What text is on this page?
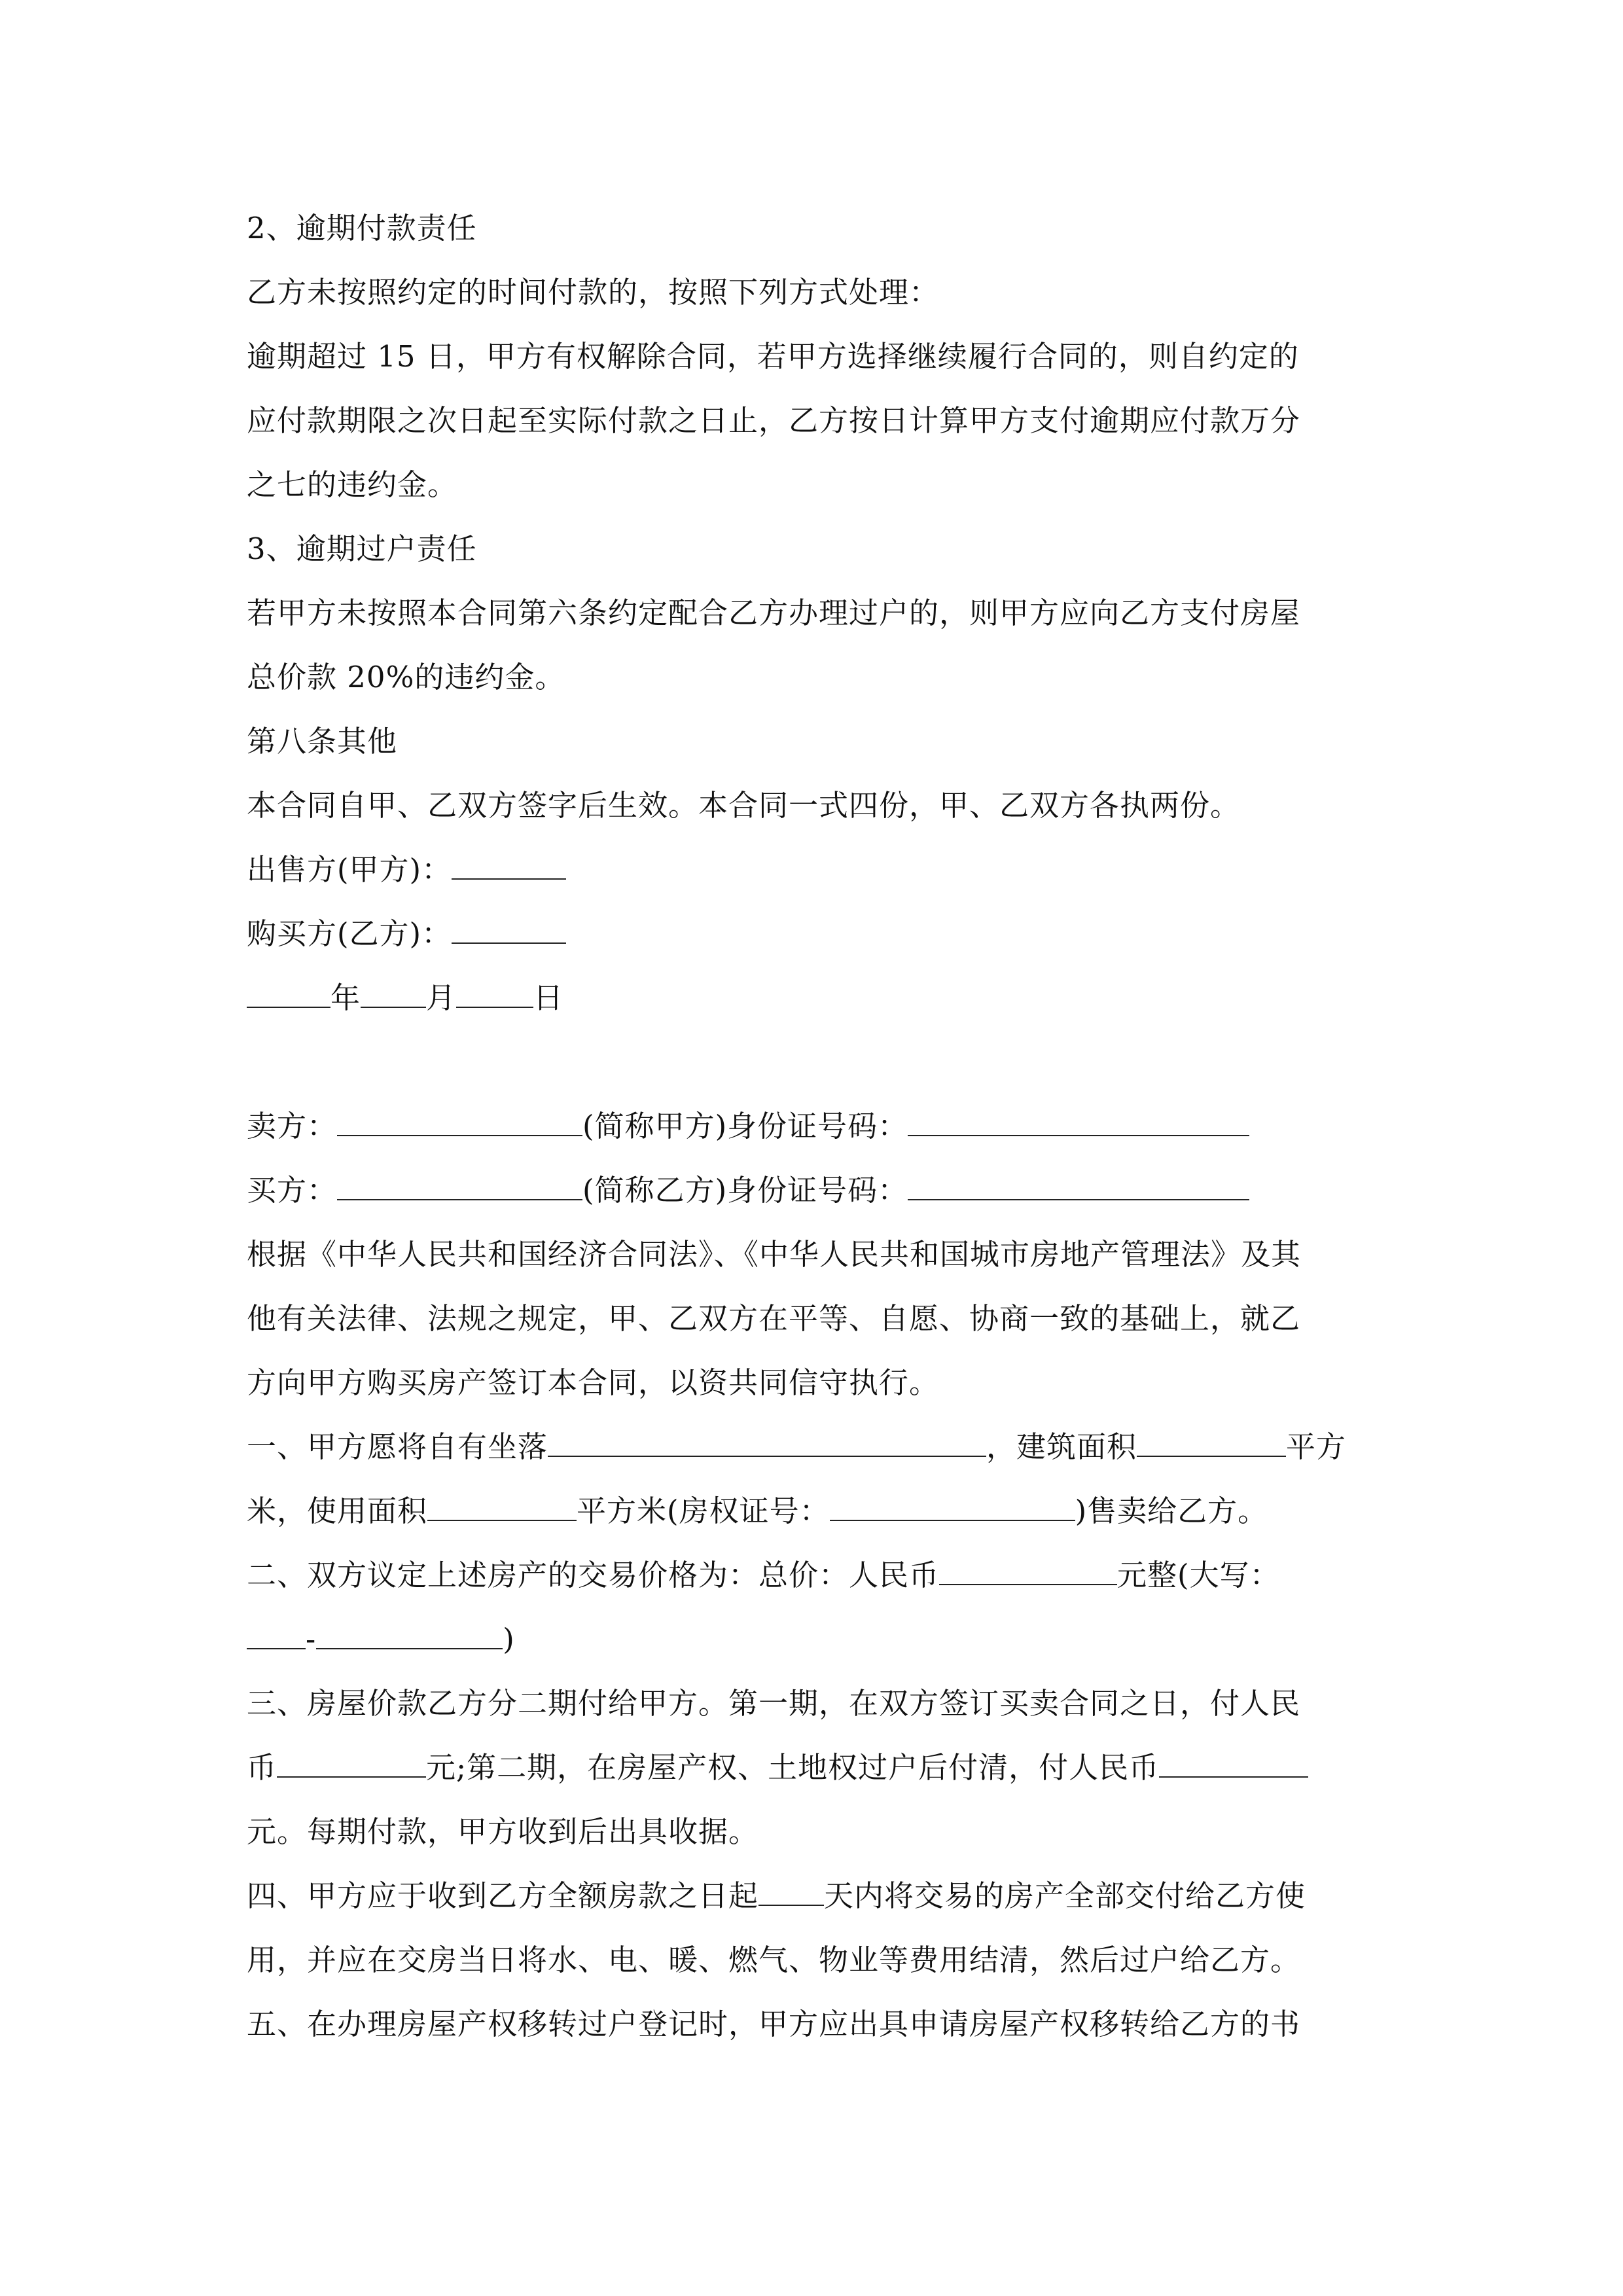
2、逾期付款责任
乙方未按照约定的时间付款的，按照下列方式处理：
逾期超过 15 日，甲方有权解除合同，若甲方选择继续履行合同的，则自约定的
应付款期限之次日起至实际付款之日止，乙方按日计算甲方支付逾期应付款万分
之七的违约金。
3、逾期过户责任
若甲方未按照本合同第六条约定配合乙方办理过户的，则甲方应向乙方支付房屋
总价款 20%的违约金。
第八条其他
本合同自甲、乙双方签字后生效。本合同一式四份，甲、乙双方各执两份。
出售方(甲方)：
购买方(乙方)：
年 月	日
卖方：	(简称甲方)身份证号码：
买方：	(简称乙方)身份证号码：
根据《中华人民共和国经济合同法》、《中华人民共和国城市房地产管理法》及其
他有关法律、法规之规定，甲、乙双方在平等、自愿、协商一致的基础上，就乙
方向甲方购买房产签订本合同，以资共同信守执行。
一、甲方愿将自有坐落	，建筑面积	平方
米，使用面积	平方米(房权证号：	)售卖给乙方。
二、双方议定上述房产的交易价格为：总价：人民币	元整(大写：
-	)
三、房屋价款乙方分二期付给甲方。第一期，在双方签订买卖合同之日，付人民
币	元;第二期，在房屋产权、土地权过户后付清，付人民币
元。每期付款，甲方收到后出具收据。
四、甲方应于收到乙方全额房款之日起 天内将交易的房产全部交付给乙方使
用，并应在交房当日将水、电、暖、燃气、物业等费用结清，然后过户给乙方。
五、在办理房屋产权移转过户登记时，甲方应出具申请房屋产权移转给乙方的书
